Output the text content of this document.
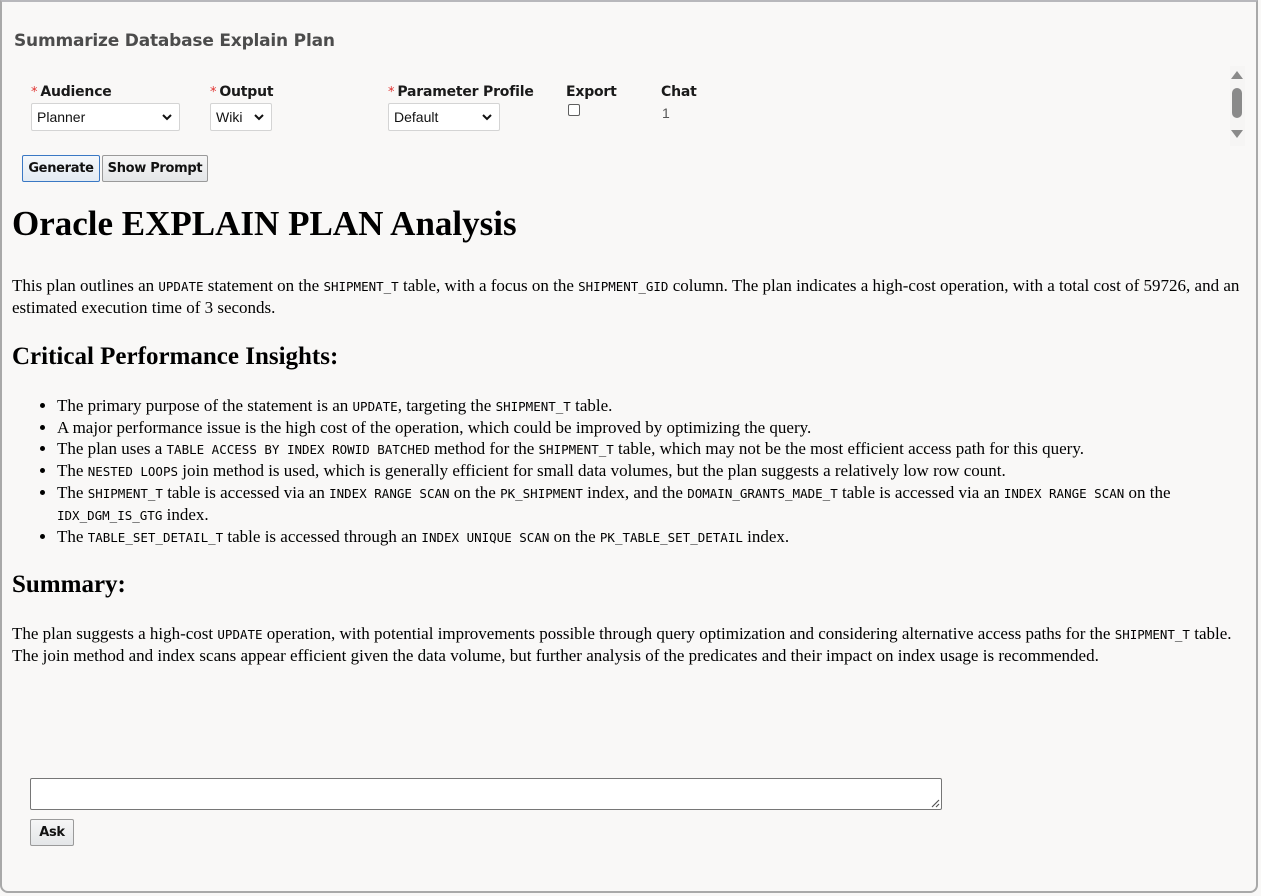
Summarize Database Explain Plan
* Audience
Planner
* Output
Wiki
* Parameter Profile
Default
Export	Chat
1
Generate	Show Prompt
Oracle EXPLAIN PLAN Analysis

This plan outlines an UPDATE statement on the SHIPMENT_T table, with a focus on the SHIPMENT_GID column. The plan indicates a high-cost operation, with a total cost of 59726, and an estimated execution time of 3 seconds.

Critical Performance Insights:
• The primary purpose of the statement is an UPDATE, targeting the SHIPMENT_T table.
• A major performance issue is the high cost of the operation, which could be improved by optimizing the query.
• The plan uses a TABLE ACCESS BY INDEX ROWID BATCHED method for the SHIPMENT_T table, which may not be the most efficient access path for this query.
• The NESTED LOOPS join method is used, which is generally efficient for small data volumes, but the plan suggests a relatively low row count.
• The SHIPMENT_T table is accessed via an INDEX RANGE SCAN on the PK_SHIPMENT index, and the DOMAIN_GRANTS_MADE_T table is accessed via an INDEX RANGE SCAN on the IDX_DGM_IS_GTG index.
• The TABLE_SET_DETAIL_T table is accessed through an INDEX UNIQUE SCAN on the PK_TABLE_SET_DETAIL index.
Summary:

The plan suggests a high-cost UPDATE operation, with potential improvements possible through query optimization and considering alternative access paths for the SHIPMENT_T table. The join method and index scans appear efficient given the data volume, but further analysis of the predicates and their impact on index usage is recommended.

Ask
